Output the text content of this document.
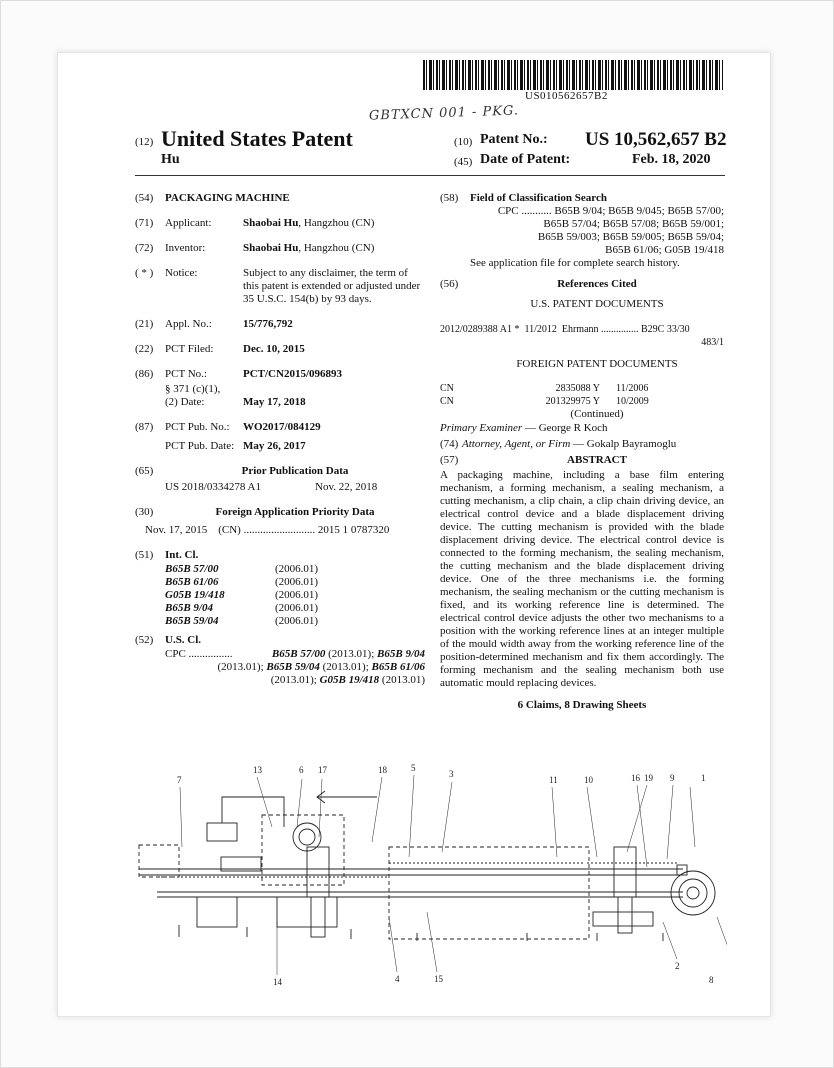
US010562657B2
GBTXCN 001 - PKG.
(12) United States Patent
Hu
(10) Patent No.: US 10,562,657 B2
(45) Date of Patent:	Feb. 18, 2020
(54)	PACKAGING MACHINE
(71)	Applicant:	Shaobai Hu, Hangzhou (CN)
(72)	Inventor:	Shaobai Hu, Hangzhou (CN)
( * )	Notice:	Subject to any disclaimer, the term of this patent is extended or adjusted under 35 U.S.C. 154(b) by 93 days.
(21)	Appl. No.:	15/776,792
(22)	PCT Filed:	Dec. 10, 2015
(86)	PCT No.:	PCT/CN2015/096893
§ 371 (c)(1),
(2) Date:	May 17, 2018
(87)	PCT Pub. No.:	WO2017/084129
PCT Pub. Date: May 26, 2017
(65)	Prior Publication Data
US 2018/0334278 A1	Nov. 22, 2018
(30)	Foreign Application Priority Data
Nov. 17, 2015    (CN) .......................... 2015 1 0787320
(51)	Int. Cl.
B65B 57/00	(2006.01)
B65B 61/06	(2006.01)
G05B 19/418	(2006.01)
B65B 9/04	(2006.01)
B65B 59/04	(2006.01)
(52)	U.S. Cl.
CPC ................	B65B 57/00 (2013.01); B65B 9/04
(2013.01); B65B 59/04 (2013.01); B65B 61/06
(2013.01); G05B 19/418 (2013.01)
(58)	Field of Classification Search
CPC ........... B65B 9/04; B65B 9/045; B65B 57/00;
B65B 57/04; B65B 57/08; B65B 59/001;
B65B 59/003; B65B 59/005; B65B 59/04;
B65B 61/06; G05B 19/418
See application file for complete search history.
(56)	References Cited
U.S. PATENT DOCUMENTS
2012/0289388 A1 *  11/2012  Ehrmann ............... B29C 33/30
483/1
FOREIGN PATENT DOCUMENTS
CN	2835088 Y 11/2006
CN	201329975 Y 10/2009
(Continued)
Primary Examiner — George R Koch
(74) Attorney, Agent, or Firm — Gokalp Bayramoglu
(57)	ABSTRACT
A packaging machine, including a base film entering mechanism, a forming mechanism, a sealing mechanism, a cutting mechanism, a clip chain, a clip chain driving device, an electrical control device and a blade displacement driving device. The cutting mechanism is provided with the blade displacement driving device. The electrical control device is connected to the forming mechanism, the sealing mechanism, the cutting mechanism and the blade displacement driving device. One of the three mechanisms i.e. the forming mechanism, the sealing mechanism or the cutting mechanism is fixed, and its working reference line is determined. The electrical control device adjusts the other two mechanisms to a position with the working reference lines at an integer multiple of the mould width away from the working reference line of the position-determined mechanism and fix them accordingly. The forming mechanism and the sealing mechanism both use automatic mould replacing devices.
6 Claims, 8 Drawing Sheets
13	6 17	18	5
3
11	10	19 9
16	1
7
14	4	15
2
8
